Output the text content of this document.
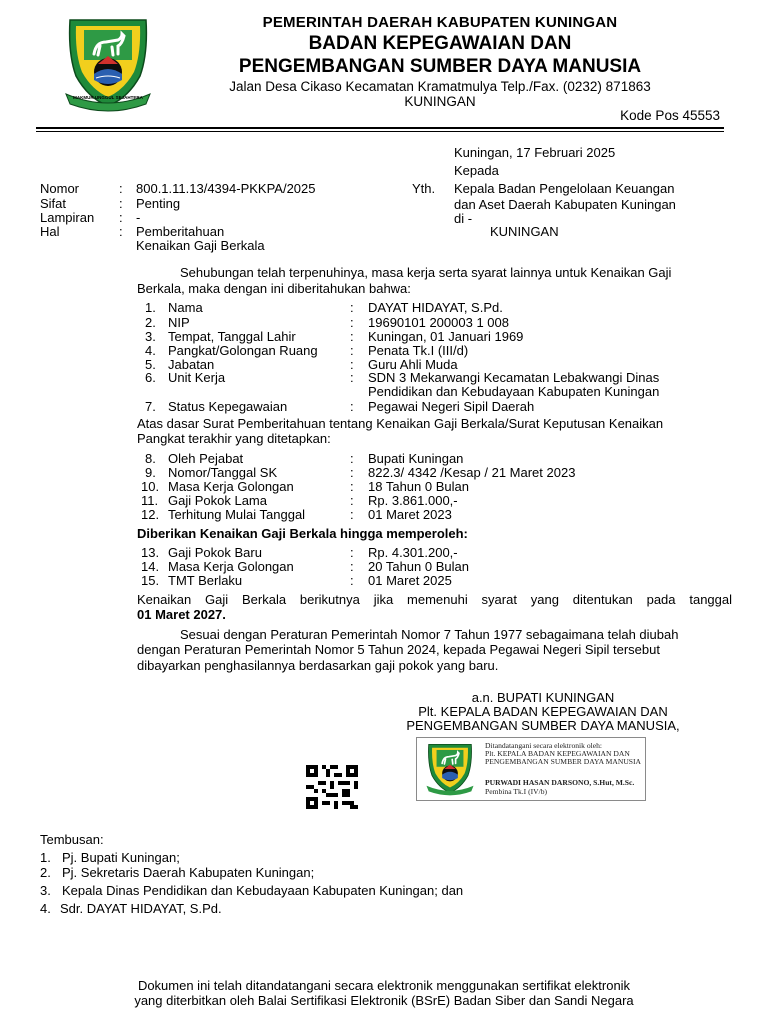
MAKMUR UNGGUL SEJAHTERA
PEMERINTAH DAERAH KABUPATEN KUNINGAN
BADAN KEPEGAWAIAN DAN
PENGEMBANGAN SUMBER DAYA MANUSIA
Jalan Desa Cikaso Kecamatan Kramatmulya Telp./Fax. (0232) 871863
KUNINGAN
Kode Pos 45553
Kuningan, 17 Februari 2025
Kepada
Yth. Kepala Badan Pengelolaan Keuangan
dan Aset Daerah Kabupaten Kuningan
di -
KUNINGAN
Nomor	: 800.1.11.13/4394-PKKPA/2025
Sifat	: Penting
Lampiran : -
Hal	: Pemberitahuan
Kenaikan Gaji Berkala
Sehubungan telah terpenuhinya, masa kerja serta syarat lainnya untuk Kenaikan Gaji
Berkala, maka dengan ini diberitahukan bahwa:
1. Nama	: DAYAT HIDAYAT, S.Pd.
2. NIP	: 19690101 200003 1 008
3. Tempat, Tanggal Lahir	: Kuningan, 01 Januari 1969
4. Pangkat/Golongan Ruang : Penata Tk.I (III/d)
5. Jabatan	: Guru Ahli Muda
6. Unit Kerja	: SDN 3 Mekarwangi Kecamatan Lebakwangi Dinas
Pendidikan dan Kebudayaan Kabupaten Kuningan
7. Status Kepegawaian	: Pegawai Negeri Sipil Daerah
Atas dasar Surat Pemberitahuan tentang Kenaikan Gaji Berkala/Surat Keputusan Kenaikan
Pangkat terakhir yang ditetapkan:
8. Oleh Pejabat	: Bupati Kuningan
9. Nomor/Tanggal SK	: 822.3/ 4342 /Kesap / 21 Maret 2023
10. Masa Kerja Golongan	: 18 Tahun 0 Bulan
11. Gaji Pokok Lama	: Rp. 3.861.000,-
12. Terhitung Mulai Tanggal	: 01 Maret 2023
Diberikan Kenaikan Gaji Berkala hingga memperoleh:
13. Gaji Pokok Baru	: Rp. 4.301.200,-
14. Masa Kerja Golongan	: 20 Tahun 0 Bulan
15. TMT Berlaku	: 01 Maret 2025
Kenaikan Gaji Berkala berikutnya jika memenuhi syarat yang ditentukan pada tanggal
01 Maret 2027.
Sesuai dengan Peraturan Pemerintah Nomor 7 Tahun 1977 sebagaimana telah diubah
dengan Peraturan Pemerintah Nomor 5 Tahun 2024, kepada Pegawai Negeri Sipil tersebut
dibayarkan penghasilannya berdasarkan gaji pokok yang baru.
a.n. BUPATI KUNINGAN
Plt. KEPALA BADAN KEPEGAWAIAN DAN
PENGEMBANGAN SUMBER DAYA MANUSIA,
Ditandatangani secara elektronik oleh:
Plt. KEPALA BADAN KEPEGAWAIAN DAN
PENGEMBANGAN SUMBER DAYA MANUSIA
PURWADI HASAN DARSONO, S.Hut, M.Sc.
Pembina Tk.I (IV/b)
Tembusan:
1. Pj. Bupati Kuningan;
2. Pj. Sekretaris Daerah Kabupaten Kuningan;
3. Kepala Dinas Pendidikan dan Kebudayaan Kabupaten Kuningan; dan
4. Sdr. DAYAT HIDAYAT, S.Pd.
Dokumen ini telah ditandatangani secara elektronik menggunakan sertifikat elektronik
yang diterbitkan oleh Balai Sertifikasi Elektronik (BSrE) Badan Siber dan Sandi Negara
